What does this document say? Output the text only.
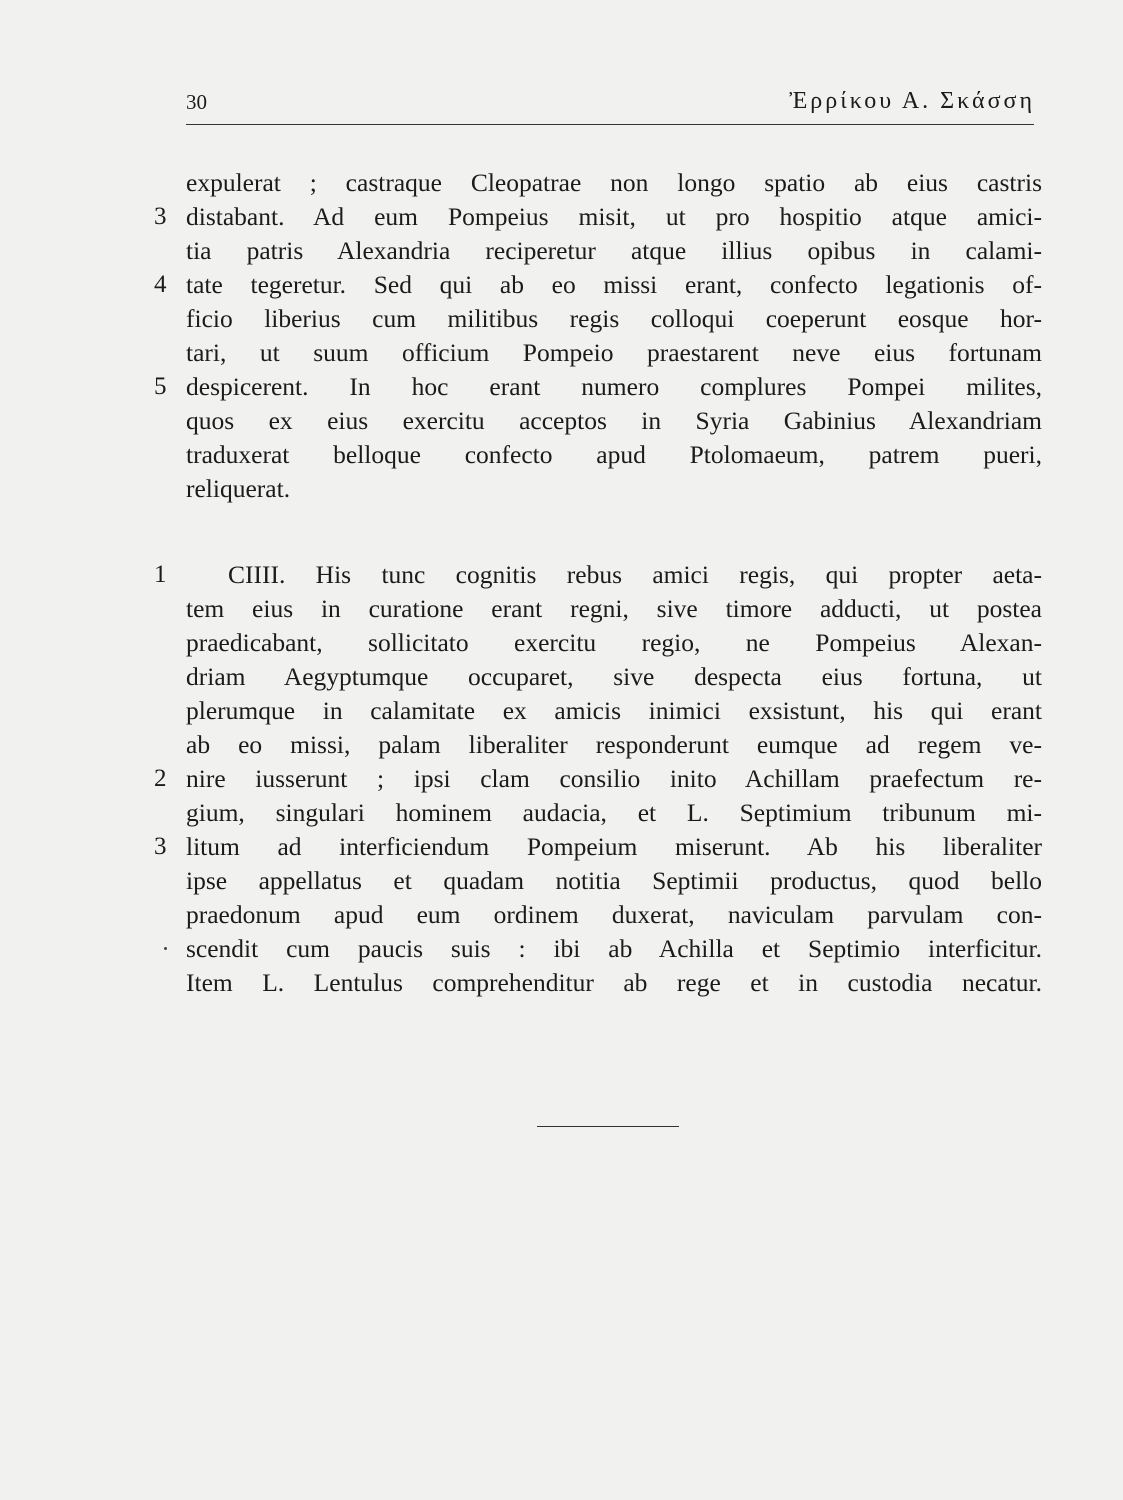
30	Ἐρρίκου Α. Σκάσση
expulerat ; castraque Cleopatrae non longo spatio ab eius castris
3 distabant. Ad eum Pompeius misit, ut pro hospitio atque amici-
tia patris Alexandria reciperetur atque illius opibus in calami-
4 tate tegeretur. Sed qui ab eo missi erant, confecto legationis of-
ficio liberius cum militibus regis colloqui coeperunt eosque hor-
tari, ut suum officium Pompeio praestarent neve eius fortunam
5 despicerent. In hoc erant numero complures Pompei milites,
quos ex eius exercitu acceptos in Syria Gabinius Alexandriam
traduxerat belloque confecto apud Ptolomaeum, patrem pueri,
reliquerat.
1 CIIII. His tunc cognitis rebus amici regis, qui propter aeta-
tem eius in curatione erant regni, sive timore adducti, ut postea
praedicabant, sollicitato exercitu regio, ne Pompeius Alexan-
driam Aegyptumque occuparet, sive despecta eius fortuna, ut
plerumque in calamitate ex amicis inimici exsistunt, his qui erant
ab eo missi, palam liberaliter responderunt eumque ad regem ve-
2 nire iusserunt ; ipsi clam consilio inito Achillam praefectum re-
gium, singulari hominem audacia, et L. Septimium tribunum mi-
3 litum ad interficiendum Pompeium miserunt. Ab his liberaliter
ipse appellatus et quadam notitia Septimii productus, quod bello
praedonum apud eum ordinem duxerat, naviculam parvulam con-
scendit cum paucis suis : ibi ab Achilla et Septimio interficitur.
Item L. Lentulus comprehenditur ab rege et in custodia necatur.
